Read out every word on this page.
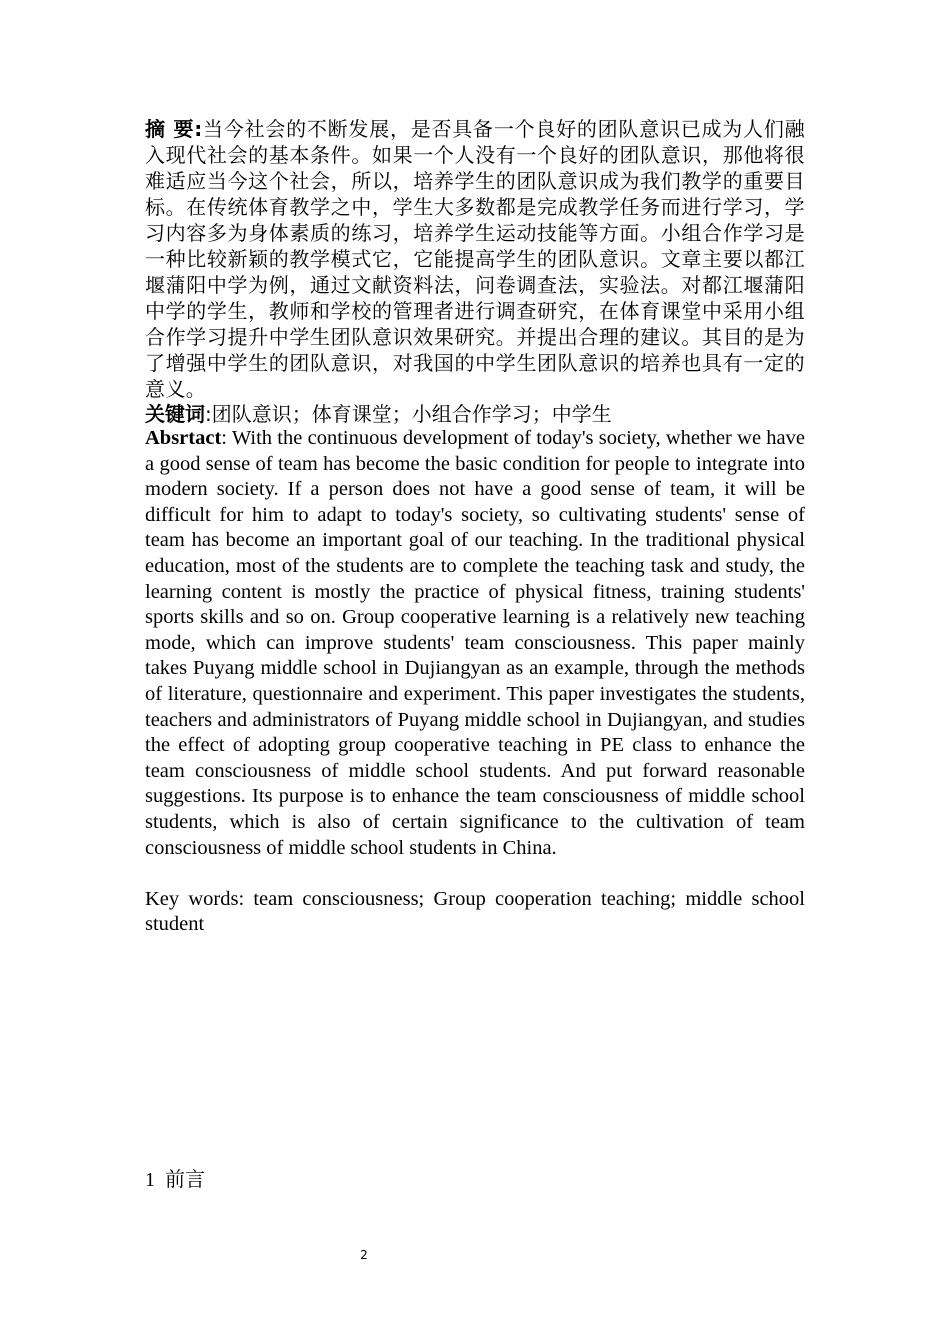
摘 要:当今社会的不断发展，是否具备一个良好的团队意识已成为人们融入现代社会的基本条件。如果一个人没有一个良好的团队意识，那他将很难适应当今这个社会，所以，培养学生的团队意识成为我们教学的重要目标。在传统体育教学之中，学生大多数都是完成教学任务而进行学习，学习内容多为身体素质的练习，培养学生运动技能等方面。小组合作学习是一种比较新颖的教学模式它，它能提高学生的团队意识。文章主要以都江堰蒲阳中学为例，通过文献资料法，问卷调查法，实验法。对都江堰蒲阳中学的学生，教师和学校的管理者进行调查研究，在体育课堂中采用小组合作学习提升中学生团队意识效果研究。并提出合理的建议。其目的是为了增强中学生的团队意识，对我国的中学生团队意识的培养也具有一定的意义。

关键词:团队意识；体育课堂；小组合作学习；中学生

Absrtact: With the continuous development of today's society, whether we have a good sense of team has become the basic condition for people to integrate into modern society. If a person does not have a good sense of team, it will be difficult for him to adapt to today's society, so cultivating students' sense of team has become an important goal of our teaching. In the traditional physical education, most of the students are to complete the teaching task and study, the learning content is mostly the practice of physical fitness, training students' sports skills and so on. Group cooperative learning is a relatively new teaching mode, which can improve students' team consciousness. This paper mainly takes Puyang middle school in Dujiangyan as an example, through the methods of literature, questionnaire and experiment. This paper investigates the students, teachers and administrators of Puyang middle school in Dujiangyan, and studies the effect of adopting group cooperative teaching in PE class to enhance the team consciousness of middle school students. And put forward reasonable suggestions. Its purpose is to enhance the team consciousness of middle school students, which is also of certain significance to the cultivation of team consciousness of middle school students in China.

Key words: team consciousness; Group cooperation teaching; middle school student

1 前言

2
